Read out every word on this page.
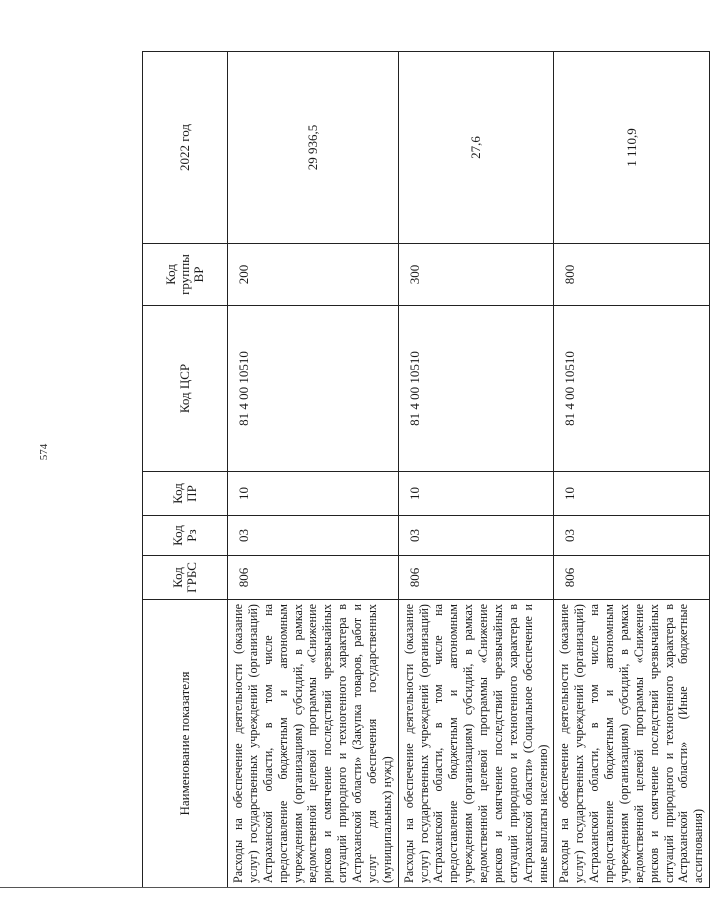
574
Наименование показателя	Код ГРБС	Код Рз	Код ПР	Код ЦСР	Код группы ВР	2022 год
Расходы на обеспечение деятельности (оказание услуг) государственных учреждений (организаций) Астраханской области, в том числе на предоставление бюджетным и автономным учреждениям (организациям) субсидий, в рамках ведомственной целевой программы «Снижение рисков и смягчение последствий чрезвычайных ситуаций природного и техногенного характера в Астраханской области» (Закупка товаров, работ и услуг для обеспечения государственных (муниципальных) нужд)	806	03	10	81 4 00 10510	200	29 936,5
Расходы на обеспечение деятельности (оказание услуг) государственных учреждений (организаций) Астраханской области, в том числе на предоставление бюджетным и автономным учреждениям (организациям) субсидий, в рамках ведомственной целевой программы «Снижение рисков и смягчение последствий чрезвычайных ситуаций природного и техногенного характера в Астраханской области» (Социальное обеспечение и иные выплаты населению)	806	03	10	81 4 00 10510	300	27,6
Расходы на обеспечение деятельности (оказание услуг) государственных учреждений (организаций) Астраханской области, в том числе на предоставление бюджетным и автономным учреждениям (организациям) субсидий, в рамках ведомственной целевой программы «Снижение рисков и смягчение последствий чрезвычайных ситуаций природного и техногенного характера в Астраханской области» (Иные бюджетные ассигнования)	806	03	10	81 4 00 10510	800	1 110,9
